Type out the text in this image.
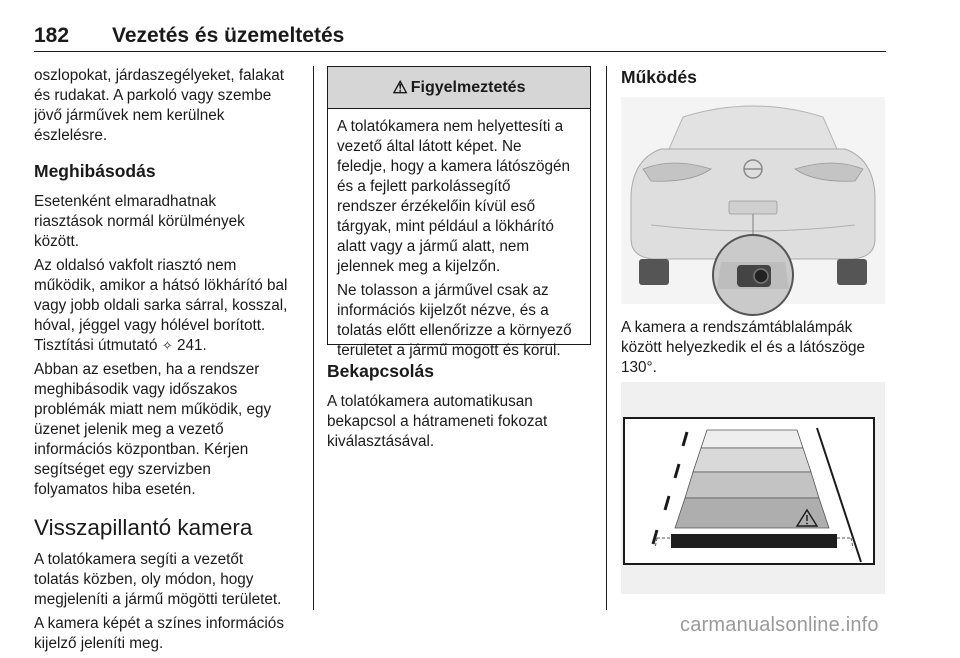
182 Vezetés és üzemeltetés

oszlopokat, járdaszegélyeket, falakat
és rudakat. A parkoló vagy szembe
jövő járművek nem kerülnek
észlelésre.

Meghibásodás

Esetenként elmaradhatnak
riasztások normál körülmények
között.

Az oldalsó vakfolt riasztó nem
működik, amikor a hátsó lökhárító bal
vagy jobb oldali sarka sárral, kosszal,
hóval, jéggel vagy hólével borított.
Tisztítási útmutató ✧ 241.

Abban az esetben, ha a rendszer
meghibásodik vagy időszakos
problémák miatt nem működik, egy
üzenet jelenik meg a vezető
információs központban. Kérjen
segítséget egy szervizben
folyamatos hiba esetén.

Visszapillantó kamera

A tolatókamera segíti a vezetőt
tolatás közben, oly módon, hogy
megjeleníti a jármű mögötti területet.

A kamera képét a színes információs
kijelző jeleníti meg.

⚠ Figyelmeztetés

A tolatókamera nem helyettesíti a
vezető által látott képet. Ne
feledje, hogy a kamera látószögén
és a fejlett parkolássegítő
rendszer érzékelőin kívül eső
tárgyak, mint például a lökhárító
alatt vagy a jármű alatt, nem
jelennek meg a kijelzőn.

Ne tolasson a járművel csak az
információs kijelzőt nézve, és a
tolatás előtt ellenőrizze a környező
területet a jármű mögött és körül.

Bekapcsolás

A tolatókamera automatikusan
bekapcsol a hátrameneti fokozat
kiválasztásával.

Működés

A kamera a rendszámtáblalámpák
között helyezkedik el és a látószöge
130°.

carmanualsonline.info
